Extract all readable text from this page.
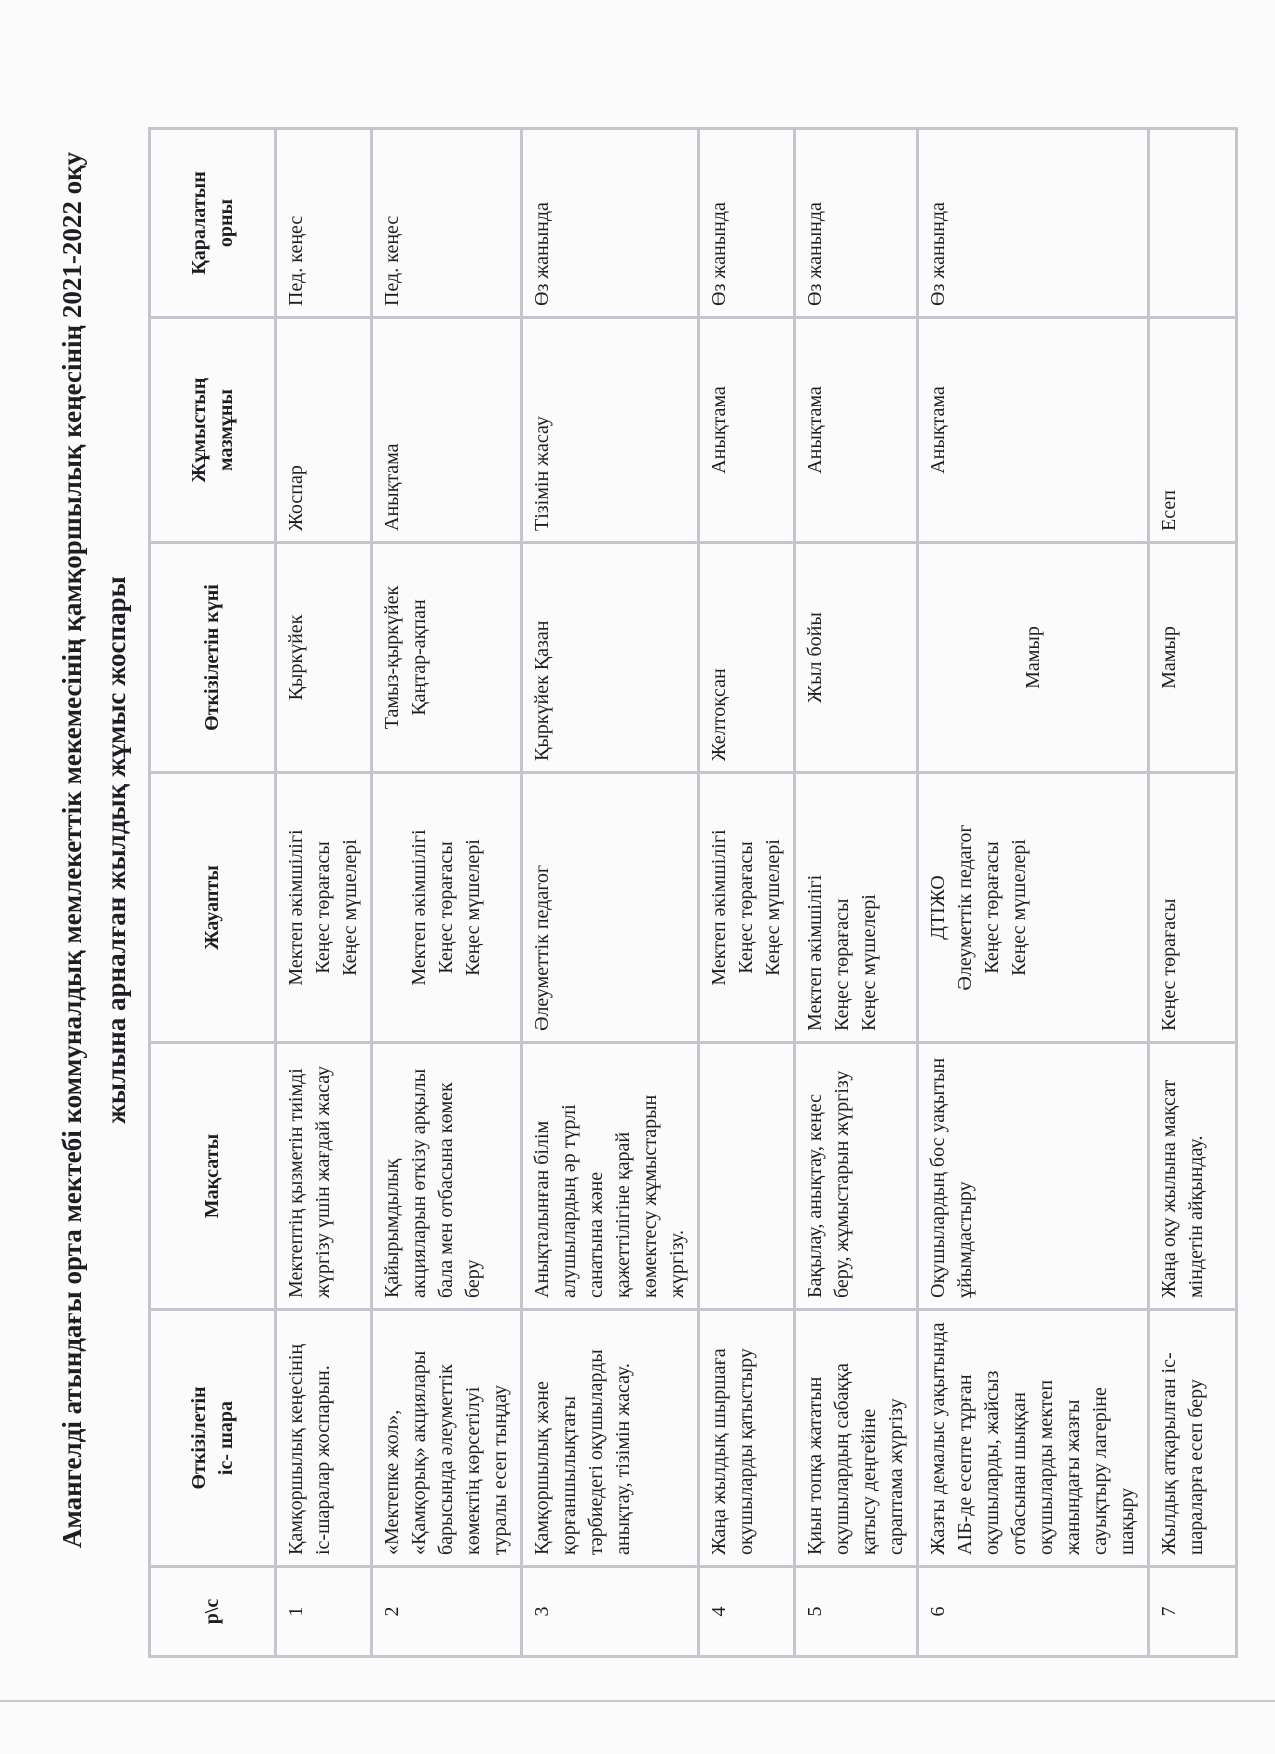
Амангелді атындағы орта мектебі коммуналдық мемлекеттік мекемесінің қамқоршылық кеңесінің 2021-2022 оқу жылына арналған жылдық жұмыс жоспары
р\с	Өткізілетін іс- шара	Мақсаты	Жауапты	Өткізілетін күні	Жұмыстың мазмұны	Қаралатын орны

1	Қамқоршылық кеңесінің іс-шаралар жоспарын.	Мектептің қызметін тиімді жүргізу үшін жағдай жасау	Мектеп әкімшілігі Кеңес төрағасы Кеңес мүшелері	Қыркүйек	Жоспар	Пед. кеңес
2	«Мектепке жол», «Қамқорық» акциялары барысында әлеуметтік көмектің көрсетілуі туралы есеп тыңдау	Қайырымдылық акцияларын өткізу арқылы бала мен отбасына көмек беру	Мектеп әкімшілігі Кеңес төрағасы Кеңес мүшелері	Тамыз-қыркүйек Қаңтар-ақпан	Анықтама	Пед. кеңес
3	Қамқоршылық және қорғаншылықтағы тәрбиедегі оқушыларды анықтау, тізімін жасау.	Анықталынған білім алушылардың әр түрлі санатына және қажеттілігіне қарай көмектесу жұмыстарын жүргізу.	Әлеуметтік педагог	Қыркүйек Қазан	Тізімін жасау	Өз жанында
4	Жаңа жылдық шыршаға оқушыларды қатыстыру		Мектеп әкімшілігі Кеңес төрағасы Кеңес мүшелері	Желтоқсан	Анықтама	Өз жанында
5	Қиын топқа жататын оқушылардың сабаққа қатысу деңгейіне сараптама жүргізу	Бақылау, анықтау, кеңес беру, жұмыстарын жүргізу	Мектеп әкімшілігі Кеңес төрағасы Кеңес мүшелері	Жыл бойы	Анықтама	Өз жанында
6	Жазғы демалыс уақытында АІБ-де есепте тұрған оқушыларды, жайсыз отбасынан шыққан оқушыларды мектеп жанындағы жазғы сауықтыру лагеріне шақыру	Оқушылардың бос уақытын ұйымдастыру	ДТІЖО Әлеуметтік педагог Кеңес төрағасы Кеңес мүшелері	Мамыр	Анықтама	Өз жанында
7	Жылдық атқарылған іс-шараларға есеп беру	Жаңа оқу жылына мақсат міндетін айқындау.	Кеңес төрағасы	Мамыр	Есеп	
